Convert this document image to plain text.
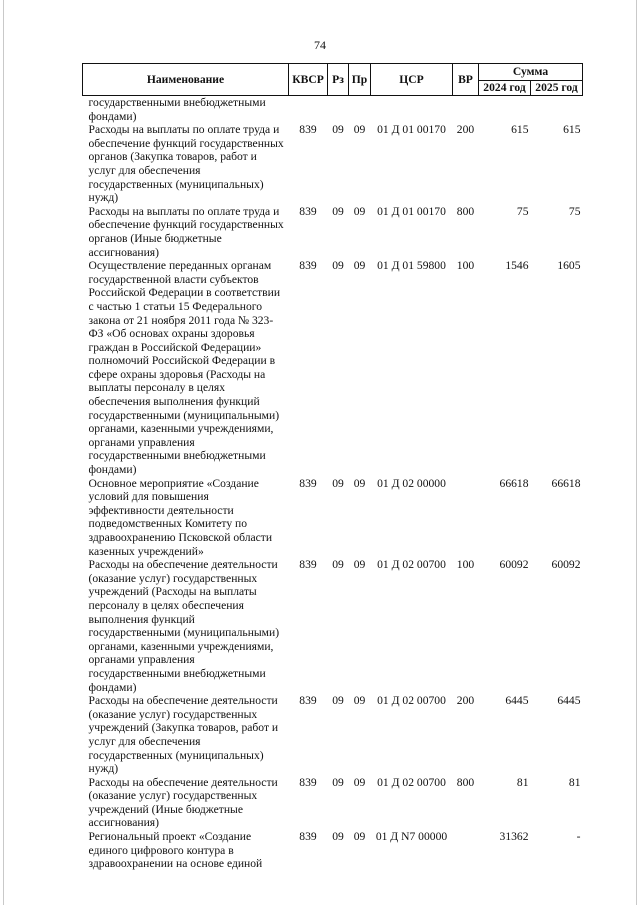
74
Наименование	КВСР	Рз	Пр	ЦСР	ВР	Сумма	
						2024 год	2025 год
государственными внебюджетными фондами)							
Расходы на выплаты по оплате труда и обеспечение функций государственных органов (Закупка товаров, работ и услуг для обеспечения государственных (муниципальных) нужд)	839	09	09	01 Д 01 00170	200	615	615
Расходы на выплаты по оплате труда и обеспечение функций государственных органов (Иные бюджетные ассигнования)	839	09	09	01 Д 01 00170	800	75	75
Осуществление переданных органам государственной власти субъектов Российской Федерации в соответствии с частью 1 статьи 15 Федерального закона от 21 ноября 2011 года № 323-ФЗ «Об основах охраны здоровья граждан в Российской Федерации» полномочий Российской Федерации в сфере охраны здоровья (Расходы на выплаты персоналу в целях обеспечения выполнения функций государственными (муниципальными) органами, казенными учреждениями, органами управления государственными внебюджетными фондами)	839	09	09	01 Д 01 59800	100	1546	1605
Основное мероприятие «Создание условий для повышения эффективности деятельности подведомственных Комитету по здравоохранению Псковской области казенных учреждений»	839	09	09	01 Д 02 00000		66618	66618
Расходы на обеспечение деятельности (оказание услуг) государственных учреждений (Расходы на выплаты персоналу в целях обеспечения выполнения функций государственными (муниципальными) органами, казенными учреждениями, органами управления государственными внебюджетными фондами)	839	09	09	01 Д 02 00700	100	60092	60092
Расходы на обеспечение деятельности (оказание услуг) государственных учреждений (Закупка товаров, работ и услуг для обеспечения государственных (муниципальных) нужд)	839	09	09	01 Д 02 00700	200	6445	6445
Расходы на обеспечение деятельности (оказание услуг) государственных учреждений (Иные бюджетные ассигнования)	839	09	09	01 Д 02 00700	800	81	81
Региональный проект «Создание единого цифрового контура в здравоохранении на основе единой	839	09	09	01 Д N7 00000		31362	-
